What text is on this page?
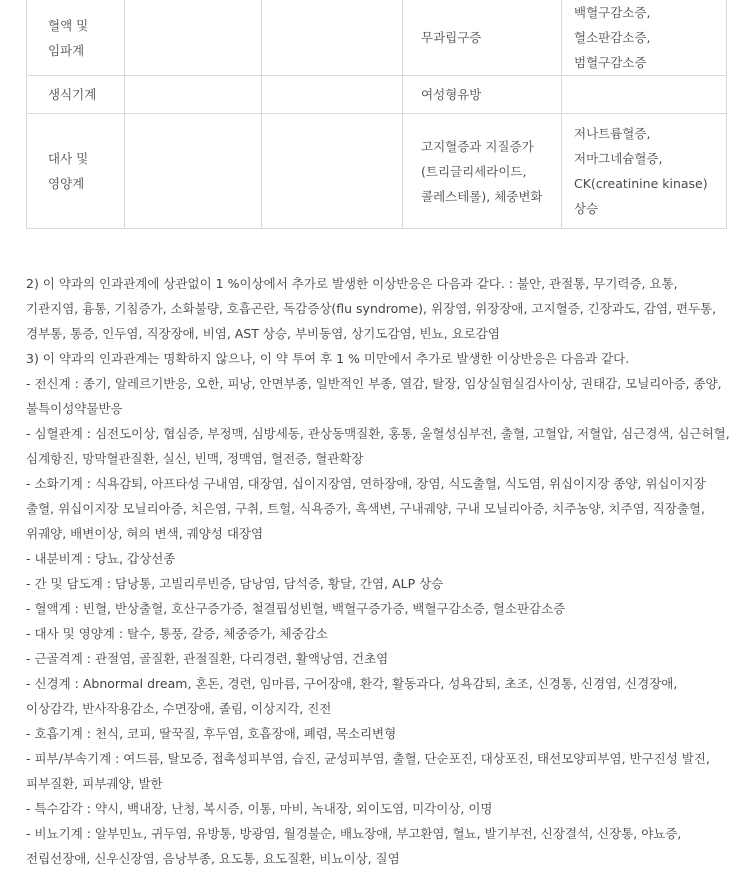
혈액 및 임파계			무과립구증	백혈구감소증, 혈소판감소증, 범혈구감소증
생식기계			여성형유방	
대사 및 영양계			고지혈증과 지질증가(트리글리세라이드, 콜레스테롤), 체중변화	저나트륨혈증, 저마그네슘혈증, CK(creatinine kinase)상승

2) 이 약과의 인과관계에 상관없이 1 %이상에서 추가로 발생한 이상반응은 다음과 같다. : 불안, 관절통, 무기력증, 요통, 기관지염, 흉통, 기침증가, 소화불량, 호흡곤란, 독감증상(flu syndrome), 위장염, 위장장애, 고지혈증, 긴장과도, 감염, 편두통, 경부통, 통증, 인두염, 직장장애, 비염, AST 상승, 부비동염, 상기도감염, 빈뇨, 요로감염

3) 이 약과의 인과관계는 명확하지 않으나, 이 약 투여 후 1 % 미만에서 추가로 발생한 이상반응은 다음과 같다.

- 전신계 : 종기, 알레르기반응, 오한, 피낭, 안면부종, 일반적인 부종, 열감, 탈장, 임상실험실검사이상, 권태감, 모닐리아증, 종양, 불특이성약물반응

- 심혈관계 : 심전도이상, 협심증, 부정맥, 심방세동, 관상동맥질환, 홍통, 울혈성심부전, 출혈, 고혈압, 저혈압, 심근경색, 심근허혈, 심계항진, 망막혈관질환, 실신, 빈맥, 정맥염, 혈전증, 혈관확장

- 소화기계 : 식욕감퇴, 아프타성 구내염, 대장염, 십이지장염, 연하장애, 장염, 식도출혈, 식도염, 위십이지장 종양, 위십이지장 출혈, 위십이지장 모닐리아증, 치은염, 구취, 트헐, 식욕증가, 흑색변, 구내궤양, 구내 모닐리아증, 치주농양, 치주염, 직장출혈, 위궤양, 배변이상, 혀의 변색, 궤양성 대장염

- 내분비계 : 당뇨, 갑상선종

- 간 및 담도계 : 담낭통, 고빌리루빈증, 담낭염, 담석증, 황달, 간염, ALP 상승

- 혈액계 : 빈혈, 반상출혈, 호산구증가증, 철결핍성빈혈, 백혈구증가증, 백혈구감소증, 혈소판감소증

- 대사 및 영양계 : 탈수, 통풍, 갈증, 체중증가, 체중감소

- 근골격계 : 관절염, 골질환, 관절질환, 다리경련, 활액낭염, 건초염

- 신경계 : Abnormal dream, 혼돈, 경련, 임마름, 구어장애, 환각, 활동과다, 성욕감퇴, 초조, 신경통, 신경염, 신경장애, 이상감각, 반사작용감소, 수면장애, 졸림, 이상지각, 진전

- 호흡기계 : 천식, 코피, 딸꾹질, 후두염, 호흡장애, 폐렴, 목소리변형

- 피부/부속기계 : 여드름, 탈모증, 접촉성피부염, 습진, 균성피부염, 출혈, 단순포진, 대상포진, 태선모양피부염, 반구진성 발진, 피부질환, 피부궤양, 발한

- 특수감각 : 약시, 백내장, 난청, 복시증, 이통, 마비, 녹내장, 외이도염, 미각이상, 이명

- 비뇨기계 : 알부민뇨, 귀두염, 유방통, 방광염, 월경불순, 배뇨장애, 부고환염, 혈뇨, 발기부전, 신장결석, 신장통, 야뇨증, 전립선장애, 신우신장염, 음낭부종, 요도통, 요도질환, 비뇨이상, 질염
